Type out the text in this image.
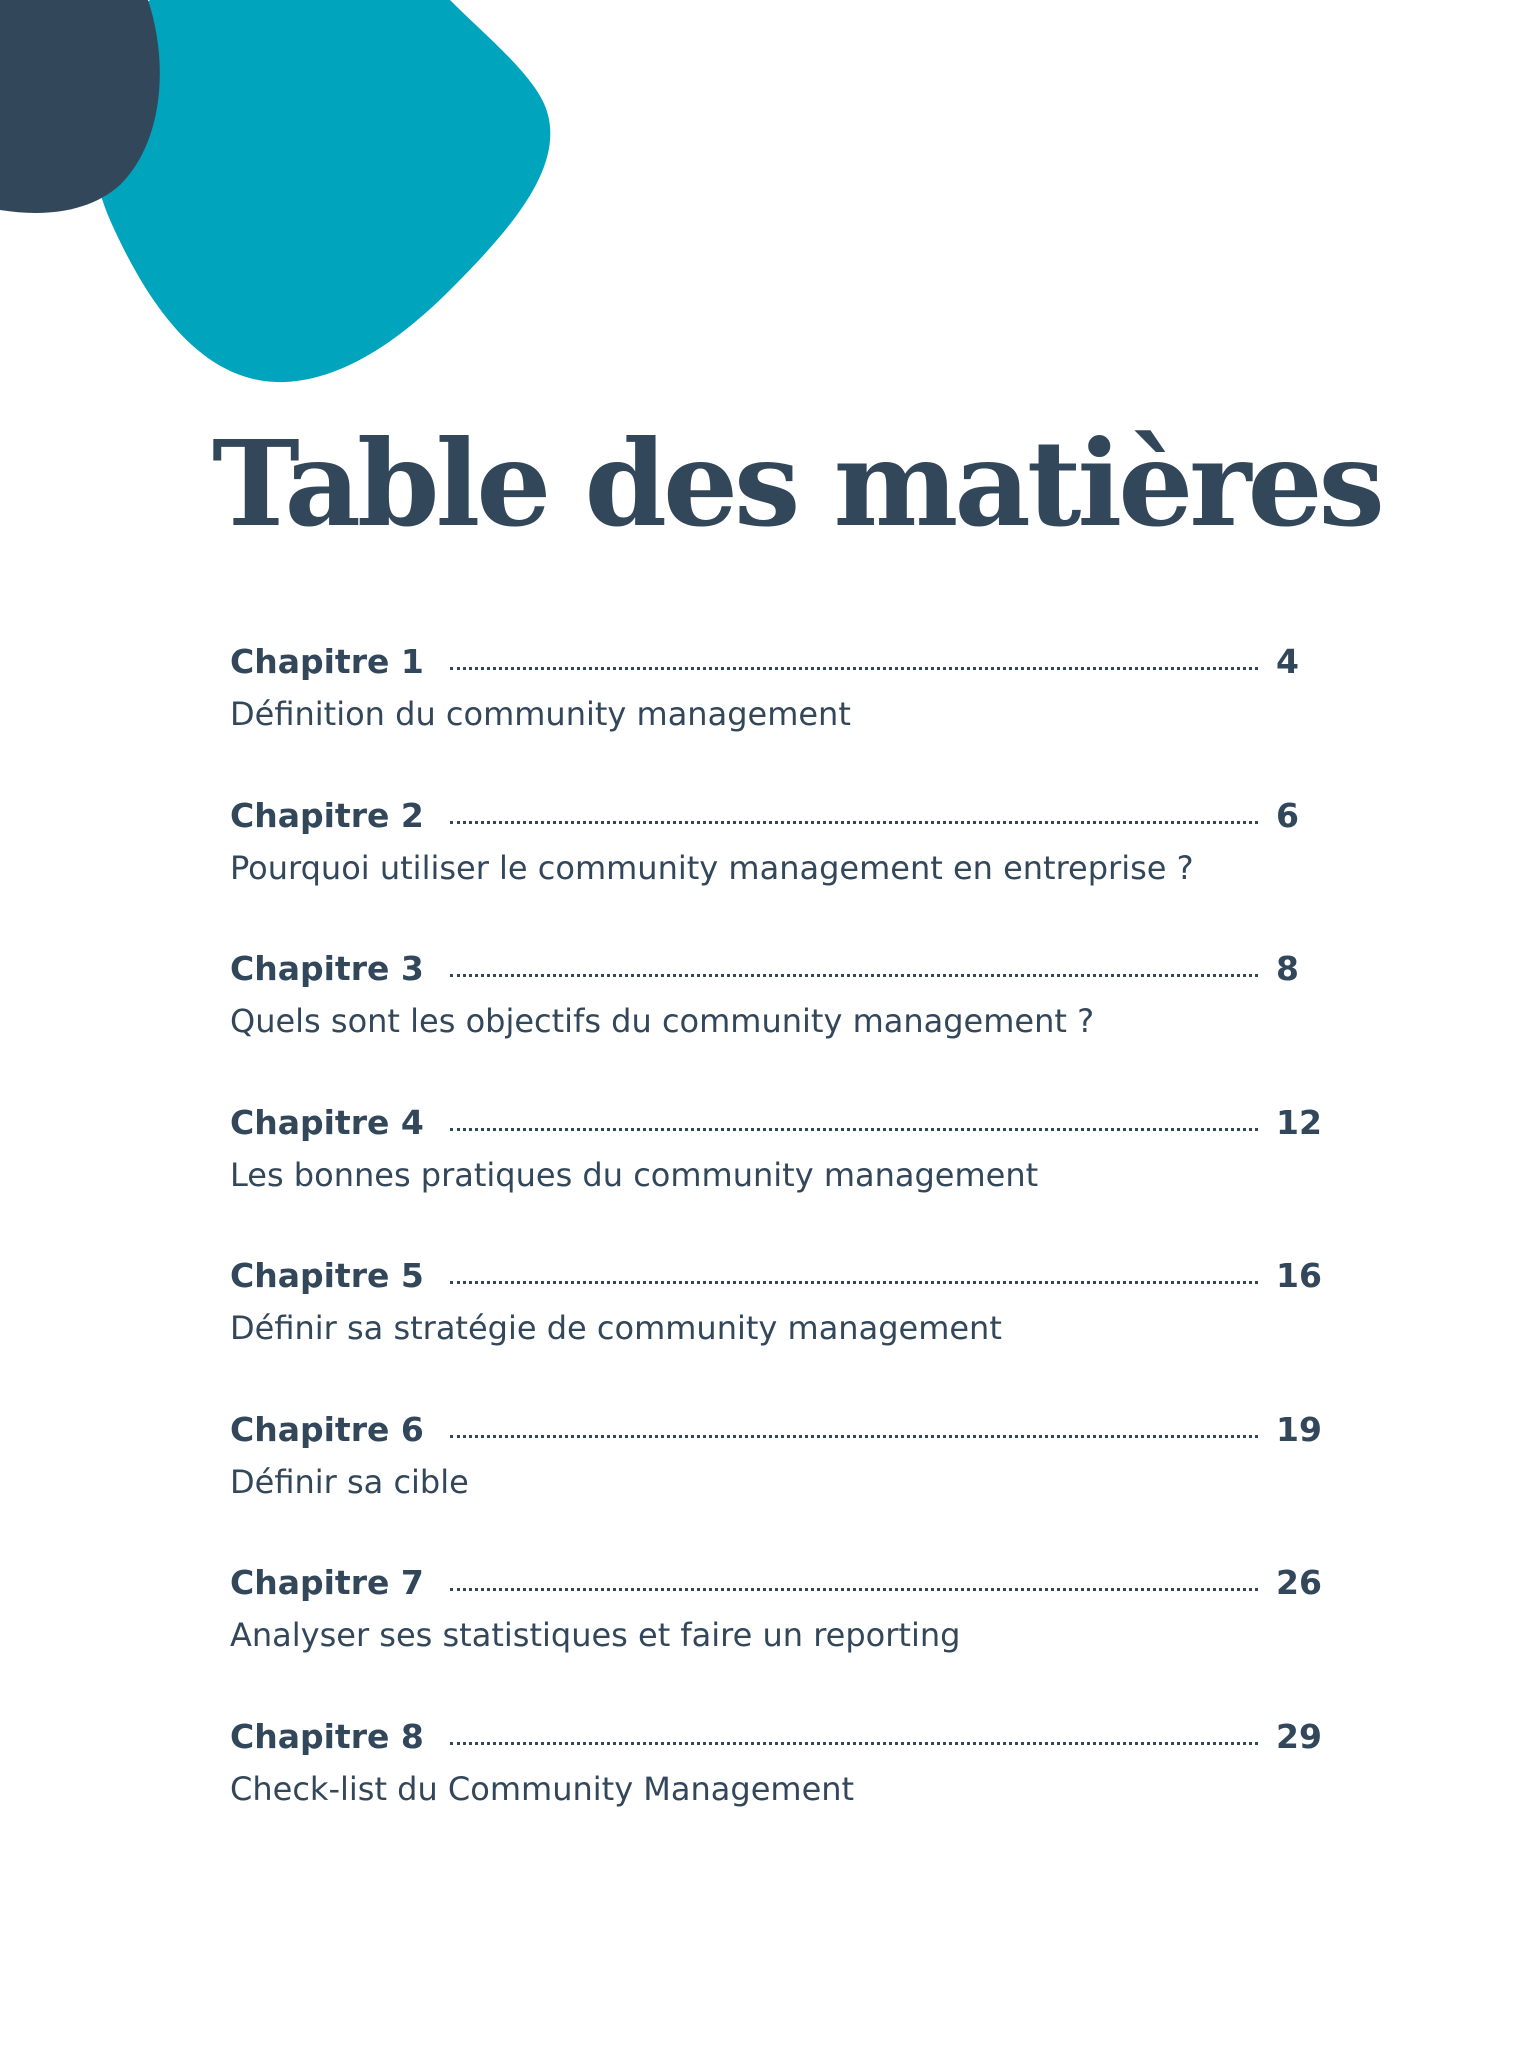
Table des matières
Chapitre 1	4
Définition du community management
Chapitre 2	6
Pourquoi utiliser le community management en entreprise ?
Chapitre 3	8
Quels sont les objectifs du community management ?
Chapitre 4	12
Les bonnes pratiques du community management
Chapitre 5	16
Définir sa stratégie de community management
Chapitre 6	19
Définir sa cible
Chapitre 7	26
Analyser ses statistiques et faire un reporting
Chapitre 8	29
Check-list du Community Management
